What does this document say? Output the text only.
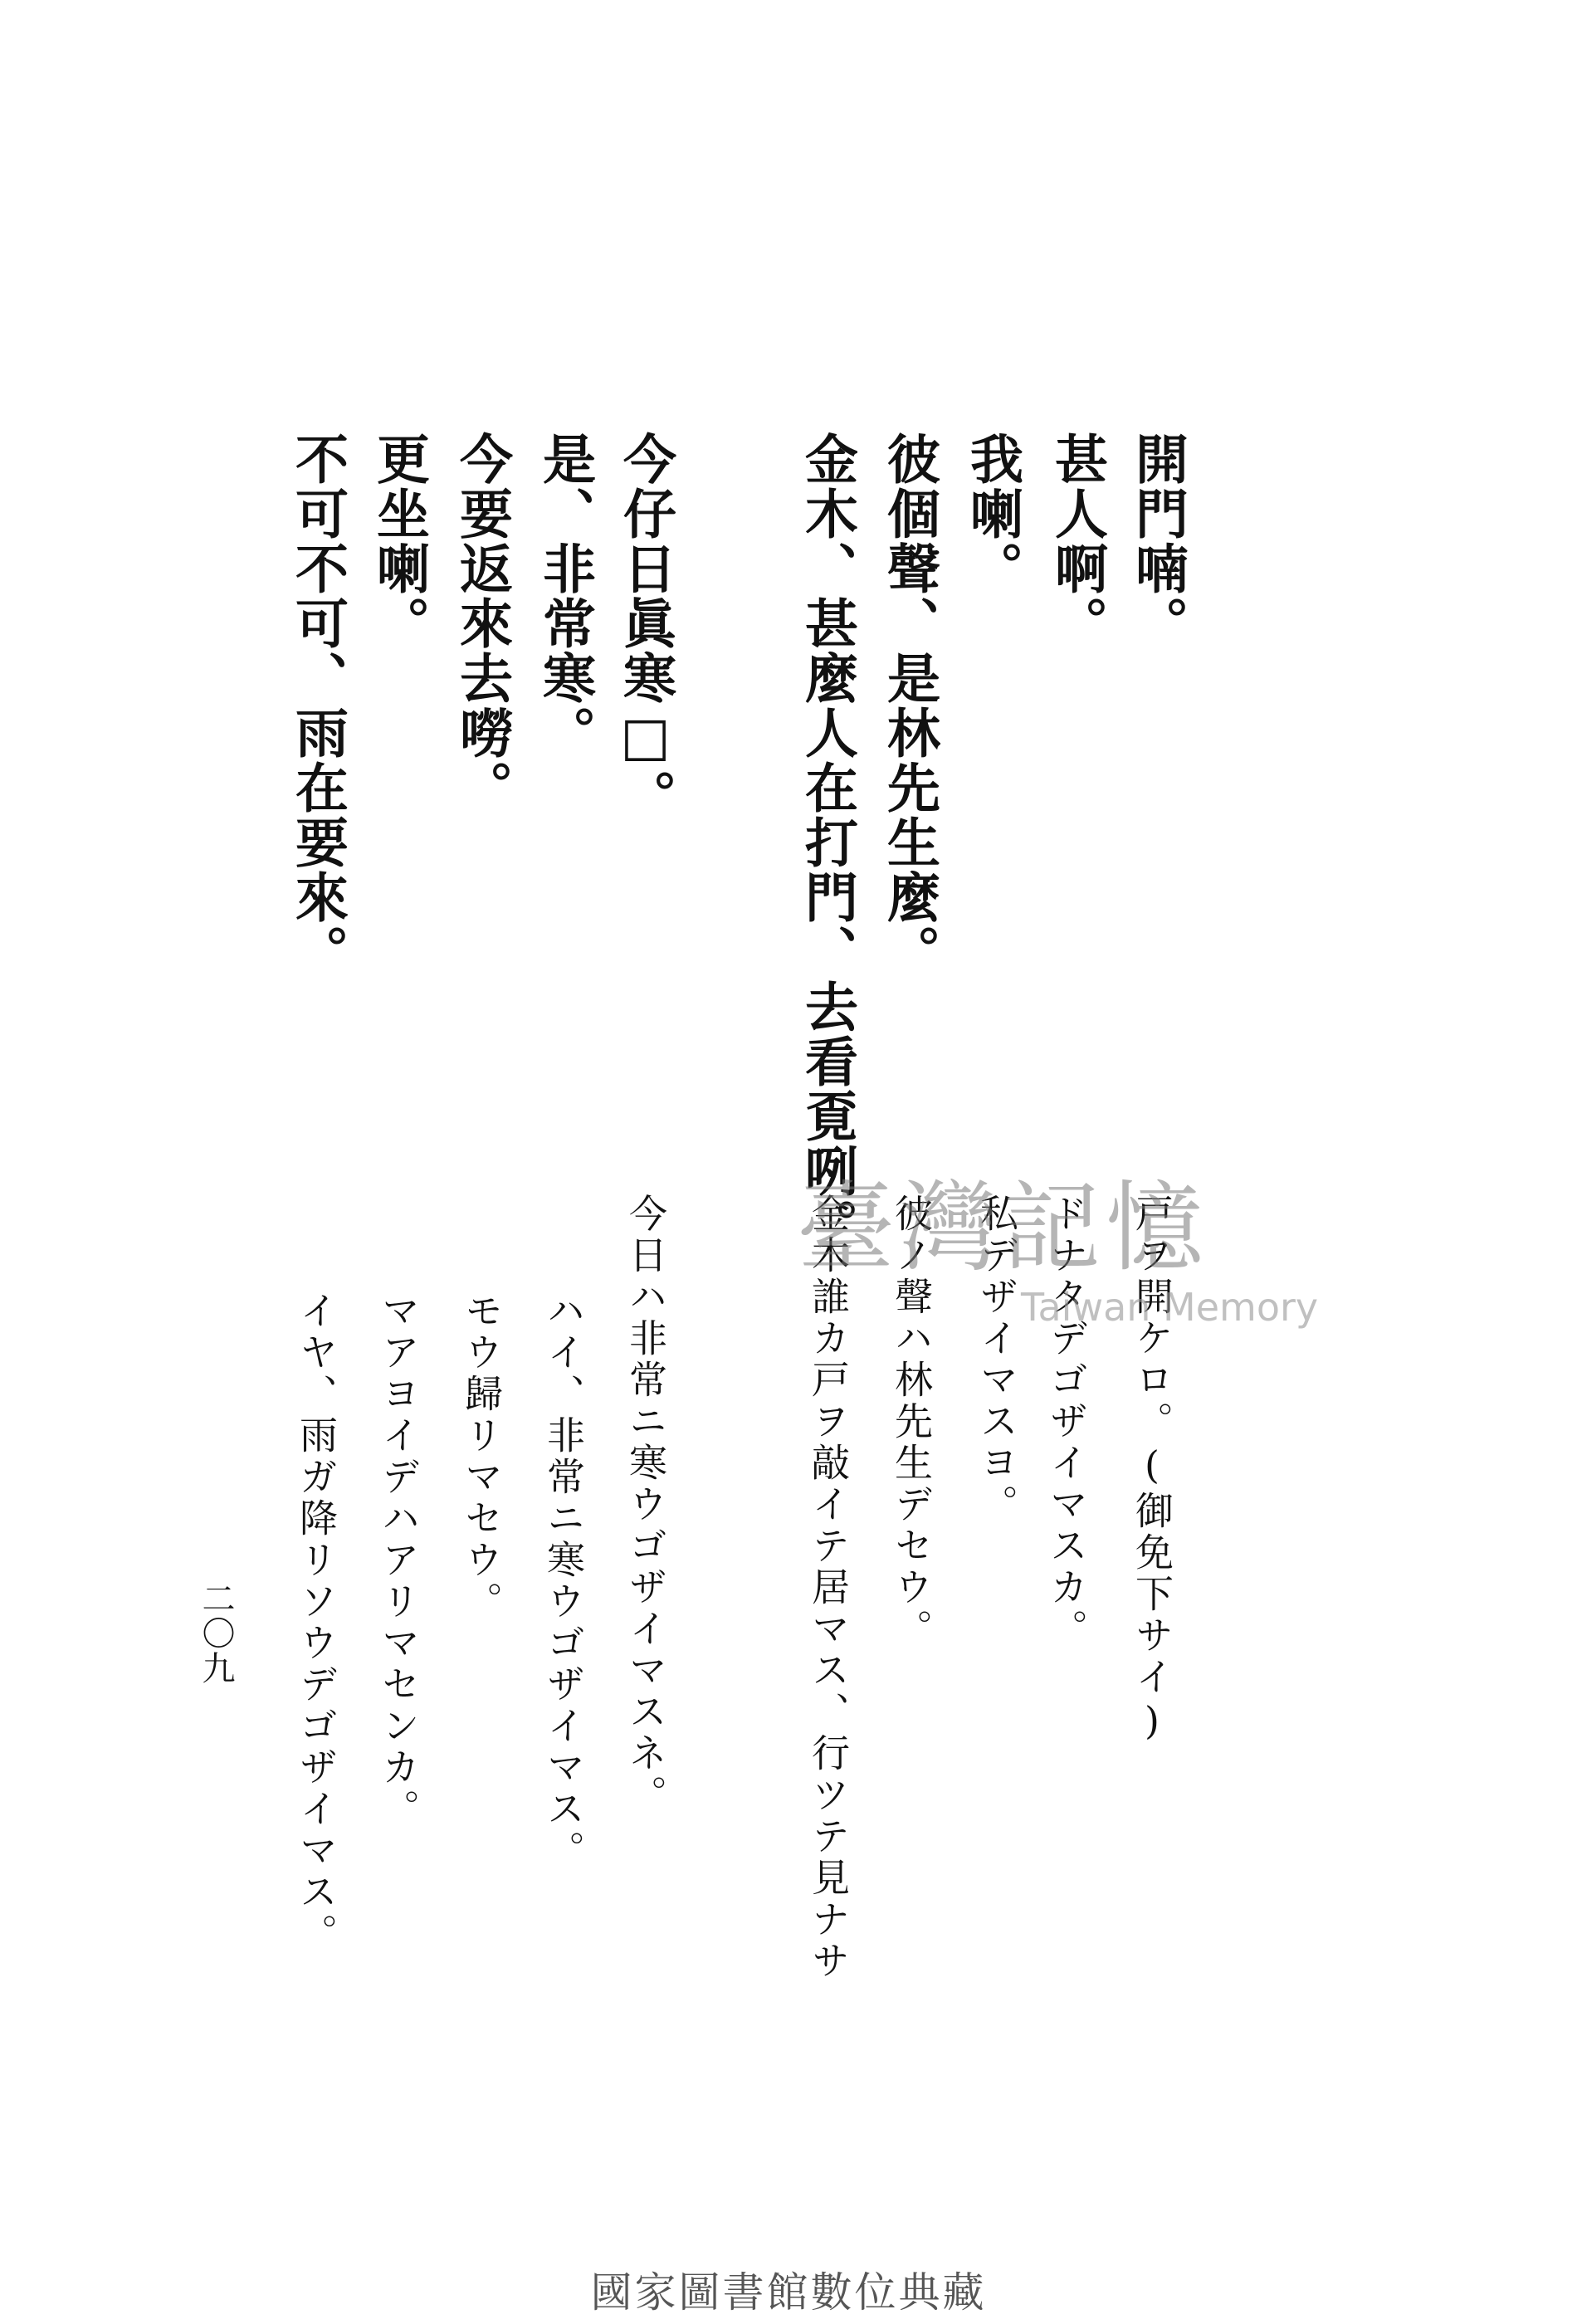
開門喃。

甚人啊。

我喇。

彼個聲、是林先生麼。

金木、甚麼人在打門、去看覔咧。

今仔日眞寒□。

是、非常寒。

今要返來去嘮。

更坐喇。

不可不可、雨在要來。

戸ヲ開ケロ。(御免下サイ)

ドナタデゴザイマスカ。

私デザイマスヨ。

彼ノ聲ハ林先生デセウ。

金木誰カ戸ヲ敲イテ居マス、行ツテ見ナサ

今日ハ非常ニ寒ウゴザイマスネ。

ハイ、非常ニ寒ウゴザイマス。

モウ歸リマセウ。

マアヨイデハアリマセンカ。

イヤ、雨ガ降リソウデゴザイマス。

二〇九
臺灣記憶
Taiwan Memory
國家圖書館數位典藏
